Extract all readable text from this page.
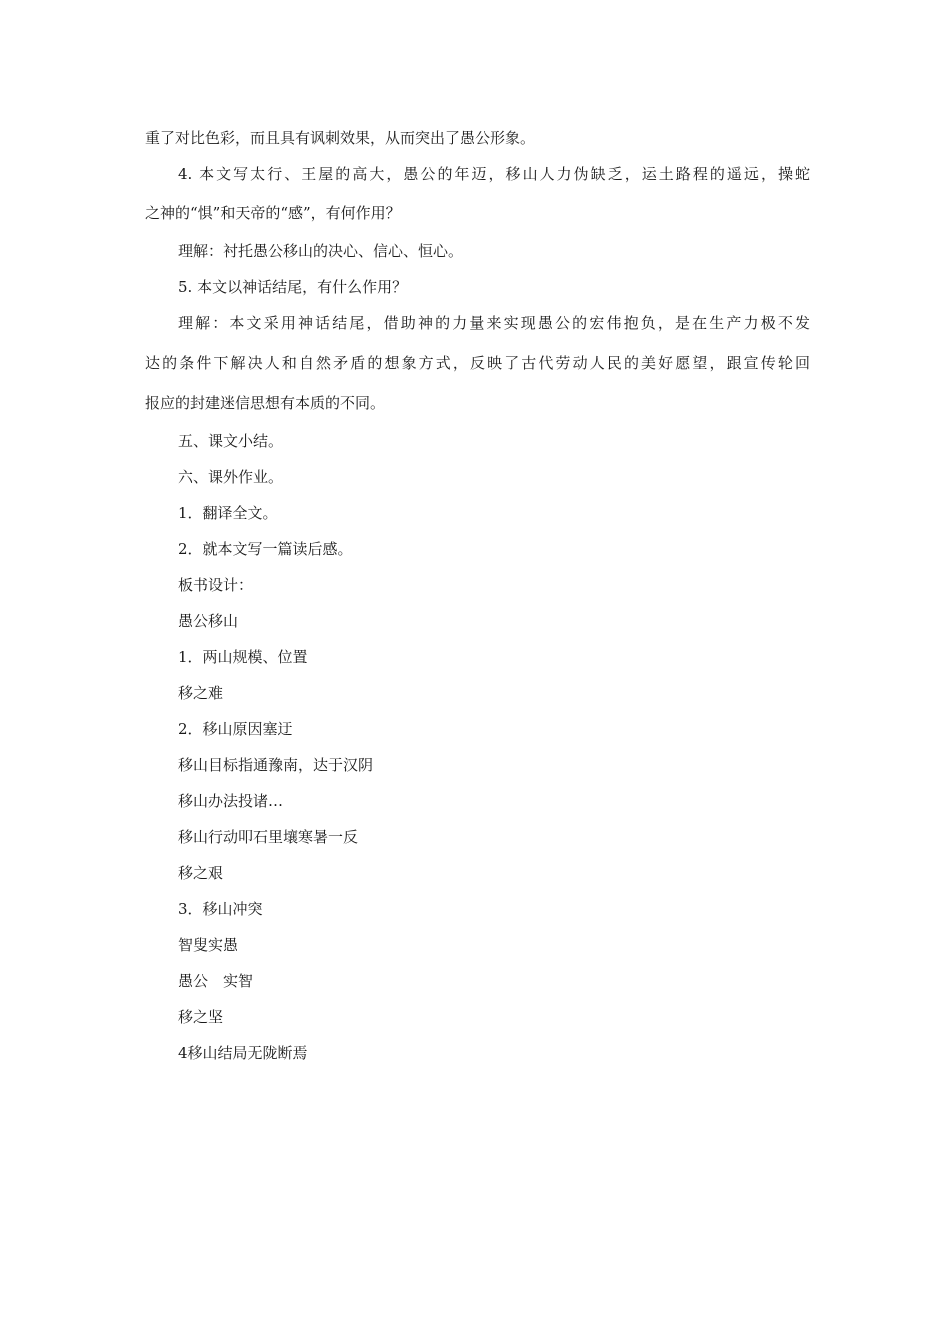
重了对比色彩，而且具有讽刺效果，从而突出了愚公形象。
4. 本文写太行、王屋的高大，愚公的年迈，移山人力伪缺乏，运土路程的遥远，操蛇
之神的“惧”和天帝的“感”，有何作用？
理解：衬托愚公移山的决心、信心、恒心。
5. 本文以神话结尾，有什么作用？
理解：本文采用神话结尾，借助神的力量来实现愚公的宏伟抱负，是在生产力极不发
达的条件下解决人和自然矛盾的想象方式，反映了古代劳动人民的美好愿望，跟宣传轮回
报应的封建迷信思想有本质的不同。
五、课文小结。
六、课外作业。
1．翻译全文。
2．就本文写一篇读后感。
板书设计：
愚公移山
1．两山规模、位置
移之难
2．移山原因塞迂
移山目标指通豫南，达于汉阴
移山办法投诸…
移山行动叩石里壤寒暑一反
移之艰
3．移山冲突
智叟实愚
愚公　实智
移之坚
4移山结局无陇断焉
